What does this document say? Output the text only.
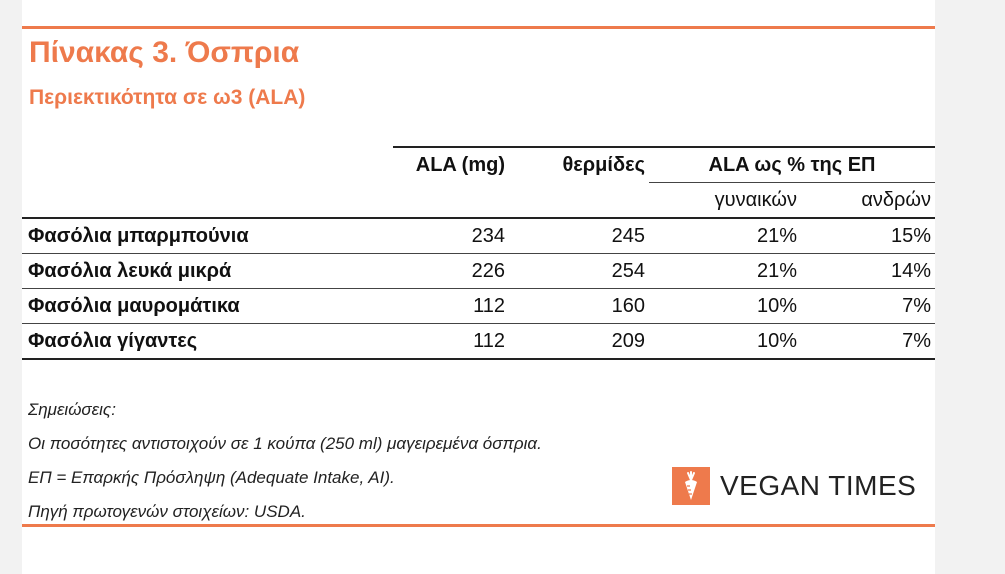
Πίνακας 3. Όσπρια
Περιεκτικότητα σε ω3 (ALA)
	ALA (mg)	θερμίδες	ALA ως % της ΕΠ	
			γυναικών	ανδρών
Φασόλια μπαρμπούνια	234	245	21%	15%
Φασόλια λευκά μικρά	226	254	21%	14%
Φασόλια μαυρομάτικα	112	160	10%	7%
Φασόλια γίγαντες	112	209	10%	7%
Σημειώσεις:
Οι ποσότητες αντιστοιχούν σε 1 κούπα (250 ml) μαγειρεμένα όσπρια.
ΕΠ = Επαρκής Πρόσληψη (Adequate Intake, AI).
Πηγή πρωτογενών στοιχείων: USDA.
VEGAN TIMES
